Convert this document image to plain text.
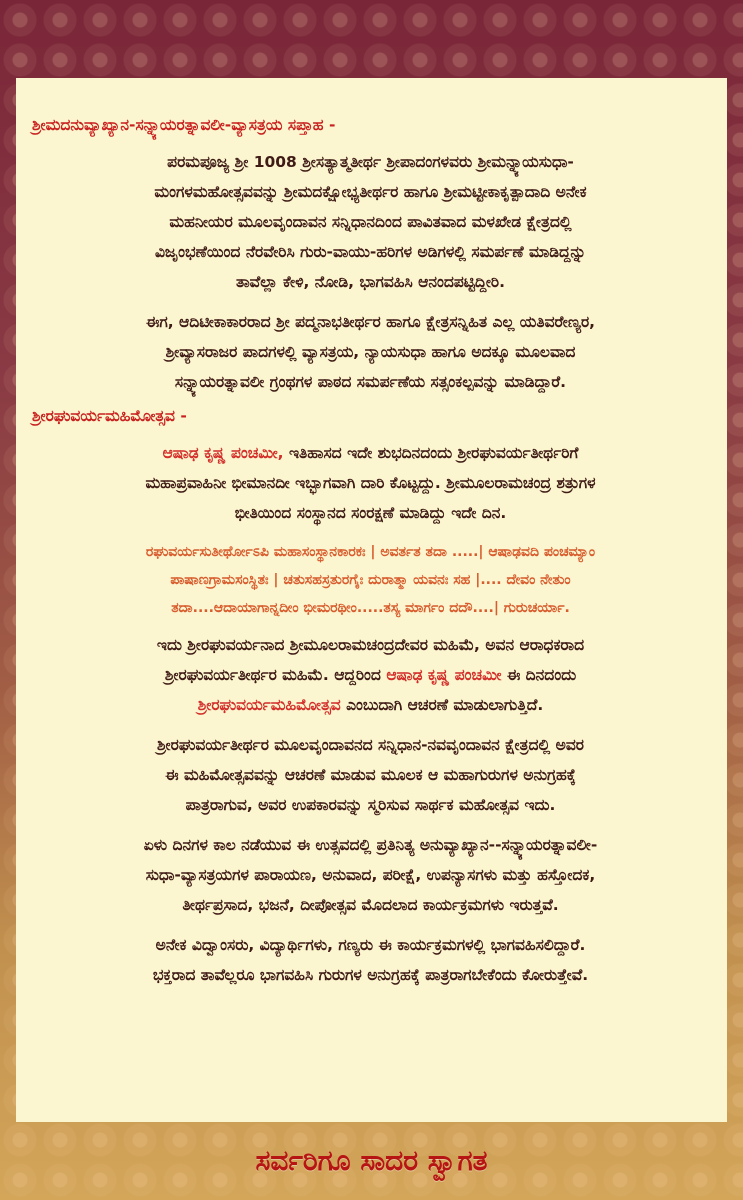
ಶ್ರೀಮದನುವ್ಯಾಖ್ಯಾನ-ಸನ್ನ್ಯಾಯರತ್ನಾವಲೀ-ವ್ಯಾಸತ್ರಯ ಸಪ್ತಾಹ -
ಪರಮಪೂಜ್ಯ ಶ್ರೀ 1008 ಶ್ರೀಸತ್ಯಾತ್ಮತೀರ್ಥ ಶ್ರೀಪಾದಂಗಳವರು ಶ್ರೀಮನ್ನ್ಯಾಯಸುಧಾ-
ಮಂಗಳಮಹೋತ್ಸವವನ್ನು ಶ್ರೀಮದಕ್ಷೋಭ್ಯತೀರ್ಥರ ಹಾಗೂ ಶ್ರೀಮಟ್ಟೀಕಾಕೃತ್ಪಾದಾದಿ ಅನೇಕ
ಮಹನೀಯರ ಮೂಲವೃಂದಾವನ ಸನ್ನಿಧಾನದಿಂದ ಪಾವಿತವಾದ ಮಳಖೇಡ ಕ್ಷೇತ್ರದಲ್ಲಿ
ವಿಜೃಂಭಣೆಯಿಂದ ನೆರವೇರಿಸಿ ಗುರು-ವಾಯು-ಹರಿಗಳ ಅಡಿಗಳಲ್ಲಿ ಸಮರ್ಪಣೆ ಮಾಡಿದ್ದನ್ನು
ತಾವೆಲ್ಲಾ ಕೇಳಿ, ನೋಡಿ, ಭಾಗವಹಿಸಿ ಆನಂದಪಟ್ಟಿದ್ದೀರಿ.
ಈಗ, ಆದಿಟೀಕಾಕಾರರಾದ ಶ್ರೀ ಪದ್ಮನಾಭತೀರ್ಥರ ಹಾಗೂ ಕ್ಷೇತ್ರಸನ್ನಿಹಿತ ಎಲ್ಲ ಯತಿವರೇಣ್ಯರ,
ಶ್ರೀವ್ಯಾಸರಾಜರ ಪಾದಗಳಲ್ಲಿ ವ್ಯಾಸತ್ರಯ, ನ್ಯಾಯಸುಧಾ ಹಾಗೂ ಅದಕ್ಕೂ ಮೂಲವಾದ
ಸನ್ನ್ಯಾಯರತ್ನಾವಲೀ ಗ್ರಂಥಗಳ ಪಾಠದ ಸಮರ್ಪಣೆಯ ಸತ್ಸಂಕಲ್ಪವನ್ನು ಮಾಡಿದ್ದಾರೆ.
ಶ್ರೀರಘುವರ್ಯಮಹಿಮೋತ್ಸವ -
ಆಷಾಢ ಕೃಷ್ಣ ಪಂಚಮೀ, ಇತಿಹಾಸದ ಇದೇ ಶುಭದಿನದಂದು ಶ್ರೀರಘುವರ್ಯತೀರ್ಥರಿಗೆ
ಮಹಾಪ್ರವಾಹಿನೀ ಭೀಮಾನದೀ ಇಬ್ಭಾಗವಾಗಿ ದಾರಿ ಕೊಟ್ಟದ್ದು. ಶ್ರೀಮೂಲರಾಮಚಂದ್ರ ಶತ್ರುಗಳ
ಭೀತಿಯಿಂದ ಸಂಸ್ಥಾನದ ಸಂರಕ್ಷಣೆ ಮಾಡಿದ್ದು ಇದೇ ದಿನ.
ರಘುವರ್ಯಸುತೀರ್ಥೋಽಪಿ ಮಹಾಸಂಸ್ಥಾನಕಾರಕಃ | ಅವರ್ತತ ತದಾ .....| ಆಷಾಢವದಿ ಪಂಚಮ್ಯಾಂ
ಪಾಷಾಣಗ್ರಾಮಸಂಸ್ಥಿತಃ | ಚತುಸಹಸ್ರತುರಗೈಃ ದುರಾತ್ಮಾ ಯವನಃ ಸಹ |.... ದೇವಂ ನೇತುಂ
ತದಾ....ಆದಾಯಾಗಾನ್ನದೀಂ ಭೀಮರಥೀಂ.....ತಸ್ಯ ಮಾರ್ಗಂ ದದೌ....| ಗುರುಚರ್ಯಾ.
ಇದು ಶ್ರೀರಘುವರ್ಯನಾದ ಶ್ರೀಮೂಲರಾಮಚಂದ್ರದೇವರ ಮಹಿಮೆ, ಅವನ ಆರಾಧಕರಾದ
ಶ್ರೀರಘುವರ್ಯತೀರ್ಥರ ಮಹಿಮೆ. ಆದ್ದರಿಂದ ಆಷಾಢ ಕೃಷ್ಣ ಪಂಚಮೀ ಈ ದಿನದಂದು
ಶ್ರೀರಘುವರ್ಯಮಹಿಮೋತ್ಸವ ಎಂಬುದಾಗಿ ಆಚರಣೆ ಮಾಡುಲಾಗುತ್ತಿದೆ.
ಶ್ರೀರಘುವರ್ಯತೀರ್ಥರ ಮೂಲವೃಂದಾವನದ ಸನ್ನಿಧಾನ-ನವವೃಂದಾವನ ಕ್ಷೇತ್ರದಲ್ಲಿ ಅವರ
ಈ ಮಹಿಮೋತ್ಸವವನ್ನು ಆಚರಣೆ ಮಾಡುವ ಮೂಲಕ ಆ ಮಹಾಗುರುಗಳ ಅನುಗ್ರಹಕ್ಕೆ
ಪಾತ್ರರಾಗುವ, ಅವರ ಉಪಕಾರವನ್ನು ಸ್ಮರಿಸುವ ಸಾರ್ಥಕ ಮಹೋತ್ಸವ ಇದು.
ಏಳು ದಿನಗಳ ಕಾಲ ನಡೆಯುವ ಈ ಉತ್ಸವದಲ್ಲಿ ಪ್ರತಿನಿತ್ಯ ಅನುವ್ಯಾಖ್ಯಾನ--ಸನ್ನ್ಯಾಯರತ್ನಾವಲೀ-
ಸುಧಾ-ವ್ಯಾಸತ್ರಯಗಳ ಪಾರಾಯಣ, ಅನುವಾದ, ಪರೀಕ್ಷೆ, ಉಪನ್ಯಾಸಗಳು ಮತ್ತು ಹಸ್ತೋದಕ,
ತೀರ್ಥಪ್ರಸಾದ, ಭಜನೆ, ದೀಪೋತ್ಸವ ಮೊದಲಾದ ಕಾರ್ಯಕ್ರಮಗಳು ಇರುತ್ತವೆ.
ಅನೇಕ ವಿದ್ವಾಂಸರು, ವಿದ್ಯಾರ್ಥಿಗಳು, ಗಣ್ಯರು ಈ ಕಾರ್ಯಕ್ರಮಗಳಲ್ಲಿ ಭಾಗವಹಿಸಲಿದ್ದಾರೆ.
ಭಕ್ತರಾದ ತಾವೆಲ್ಲರೂ ಭಾಗವಹಿಸಿ ಗುರುಗಳ ಅನುಗ್ರಹಕ್ಕೆ ಪಾತ್ರರಾಗಬೇಕೆಂದು ಕೋರುತ್ತೇವೆ.
ಸರ್ವರಿಗೂ ಸಾದರ ಸ್ವಾಗತ
